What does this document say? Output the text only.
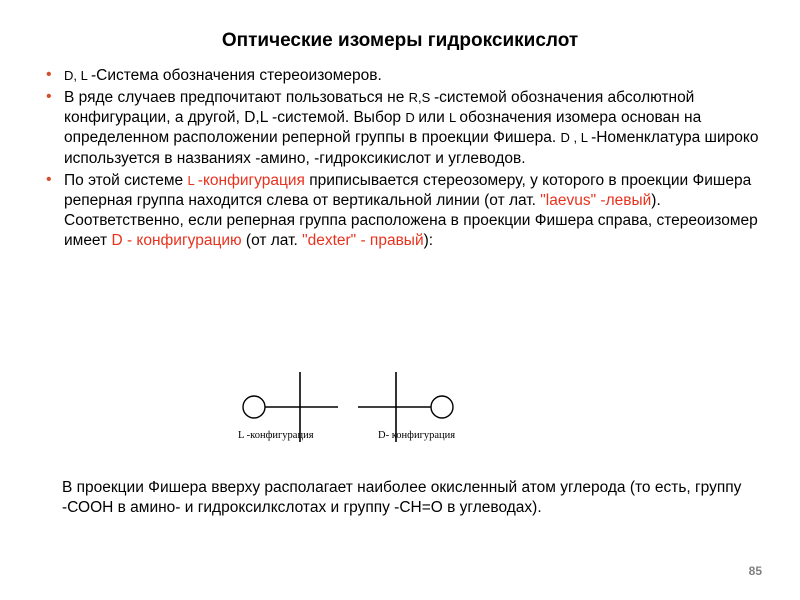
Оптические изомеры гидроксикислот
• D, L -Система обозначения стереоизомеров.
• В ряде случаев предпочитают пользоваться не R,S -системой обозначения абсолютной конфигурации, а другой, D,L -системой. Выбор D или L обозначения изомера основан на определенном расположении реперной группы в проекции Фишера. D , L -Номенклатура широко используется в названиях -амино, -гидроксикислот и углеводов.
• По этой системе L -конфигурация приписывается стереозомеру, у которого в проекции Фишера реперная группа находится слева от вертикальной линии (от лат. "laevus" -левый). Соответственно, если реперная группа расположена в проекции Фишера справа, стереоизомер имеет D - конфигурацию (от лат. "dexter" - правый):
L -конфигурация	D- конфигурация
В проекции Фишера вверху располагает наиболее окисленный атом углерода (то есть, группу -СООН в амино- и гидроксилкслотах и группу -СН=О в углеводах).
85
